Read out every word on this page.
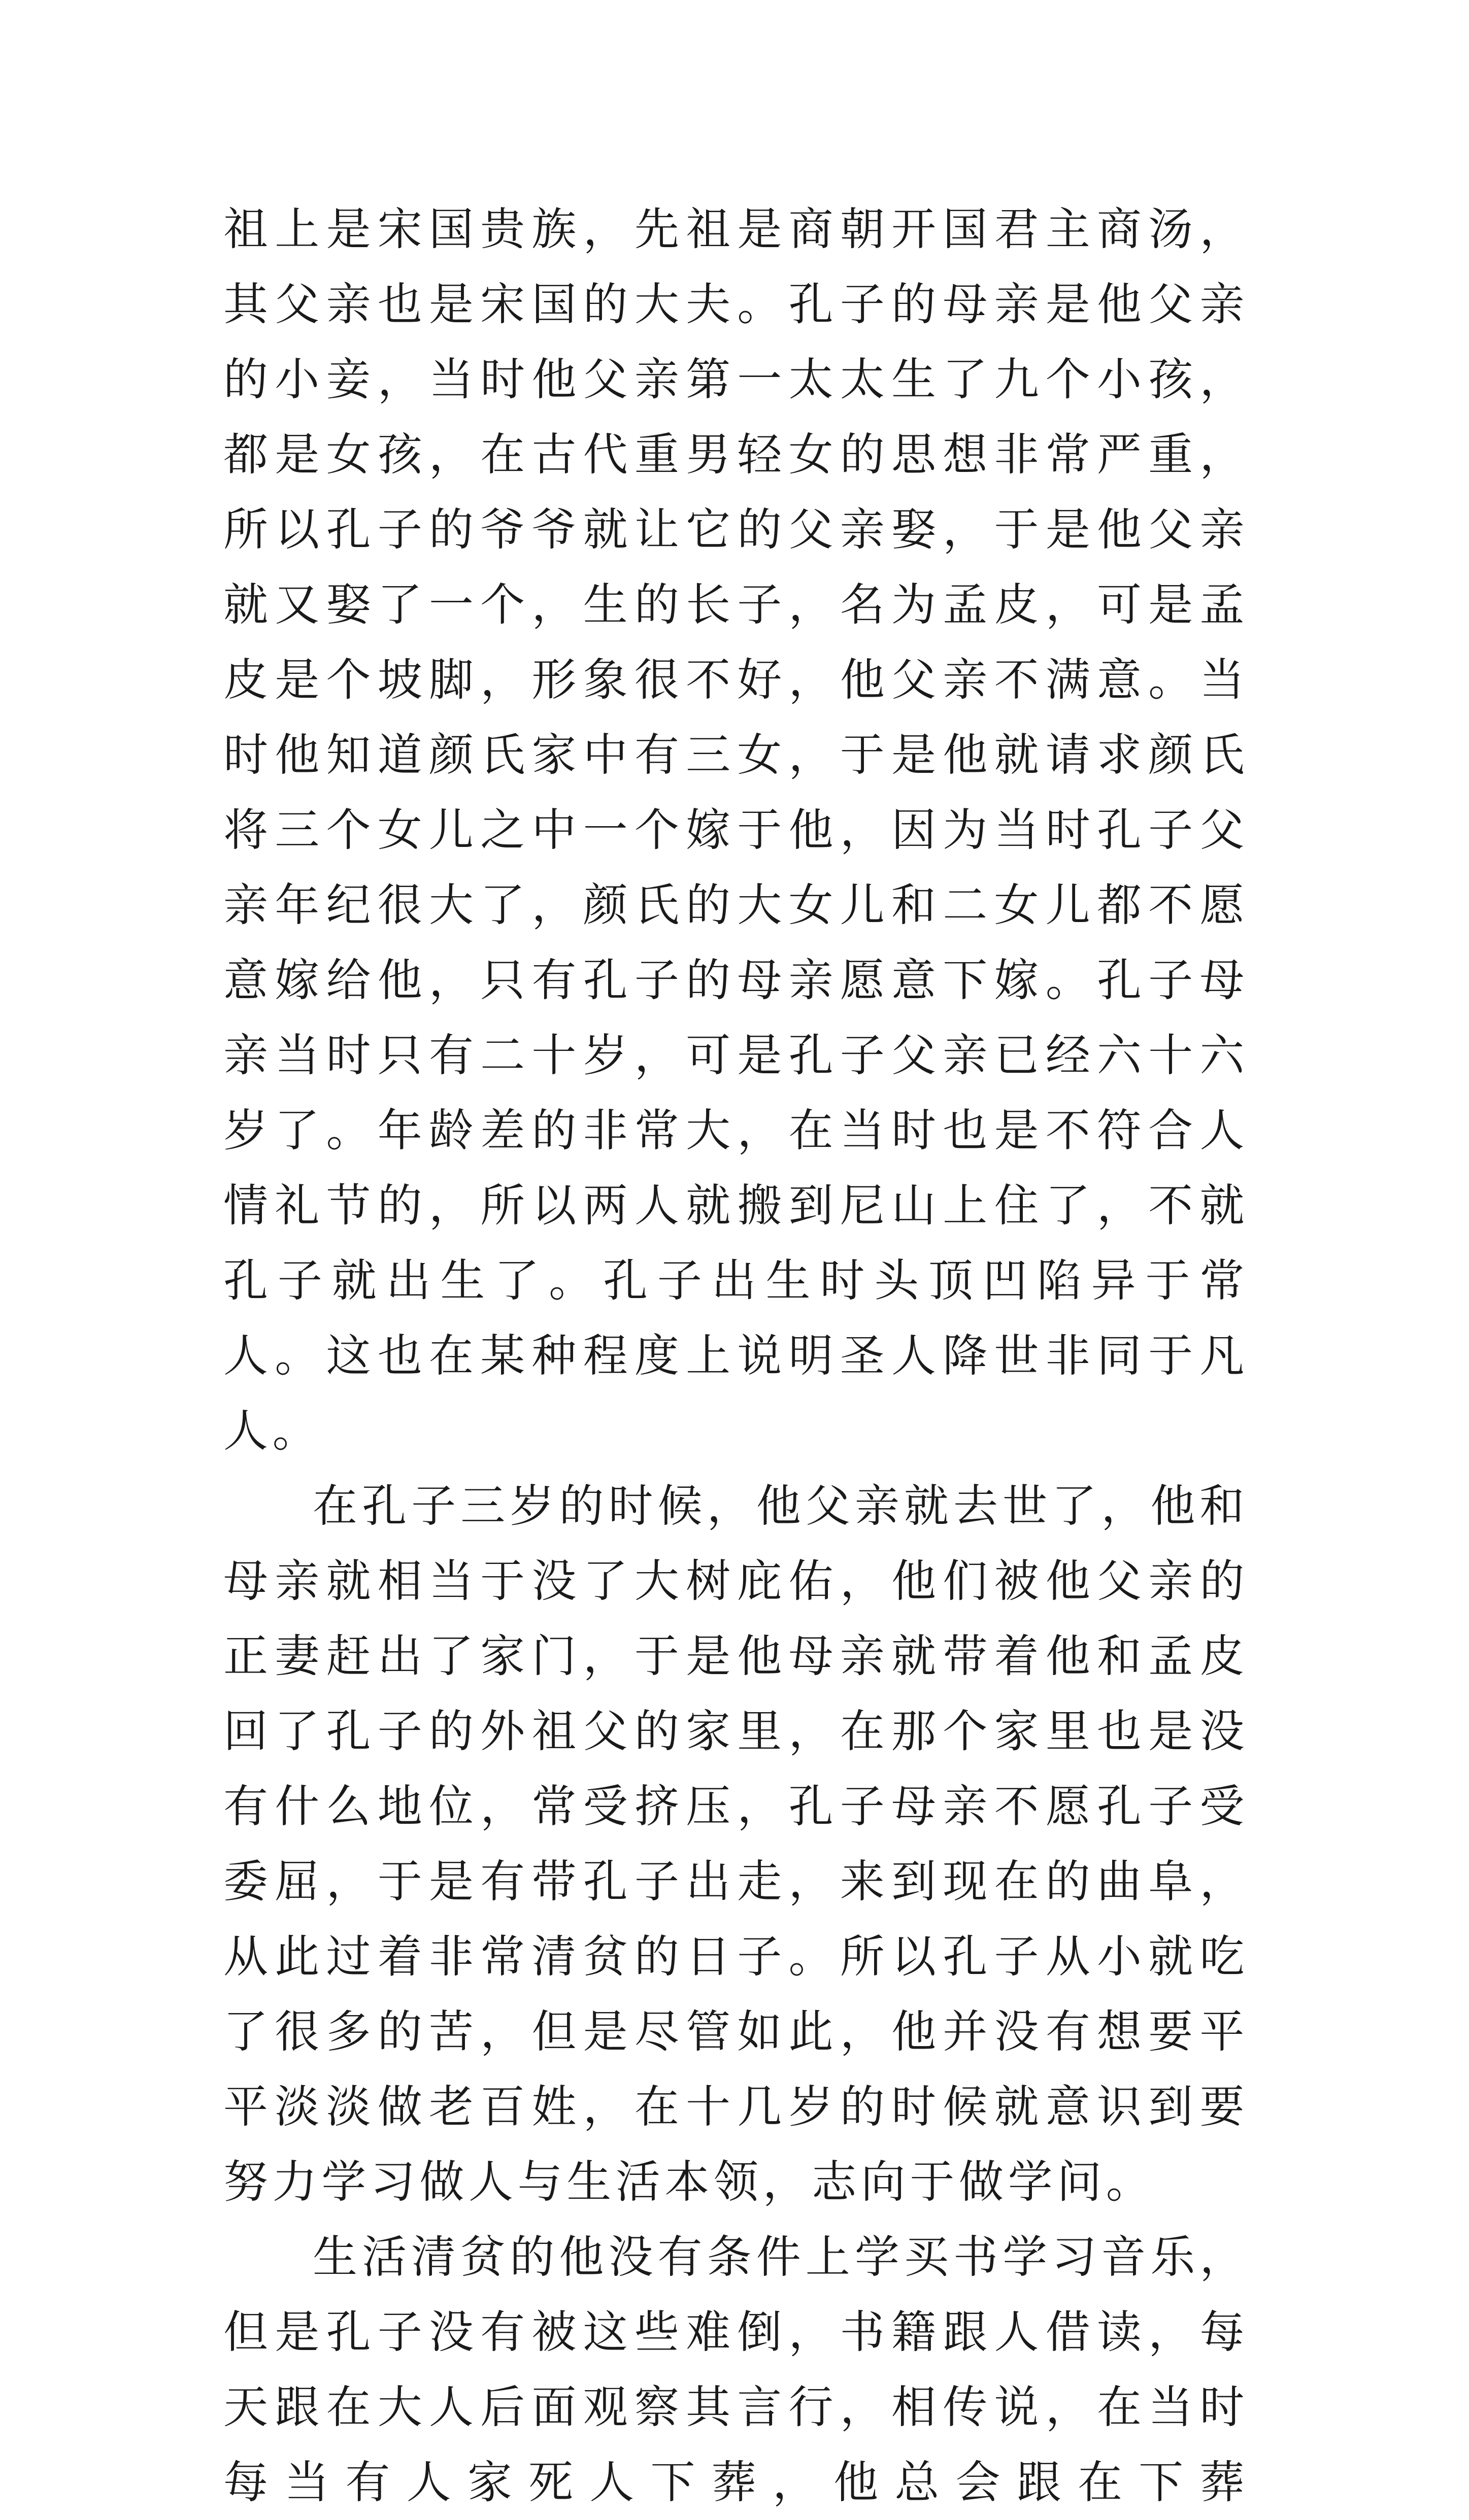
祖上是宋国贵族，先祖是商朝开国君主商汤，其父亲也是宋国的大夫。孔子的母亲是他父亲的小妾，当时他父亲第一太太生了九个小孩，都是女孩，在古代重男轻女的思想非常严重，所以孔子的爷爷就让它的父亲娶，于是他父亲就又娶了一个，生的长子，名为孟皮，可是孟皮是个坡脚，形象很不好，他父亲不满意。当时他知道颜氏家中有三女，于是他就请求颜氏将三个女儿之中一个嫁于他，因为当时孔子父亲年纪很大了，颜氏的大女儿和二女儿都不愿意嫁给他，只有孔子的母亲愿意下嫁。孔子母亲当时只有二十岁，可是孔子父亲已经六十六岁了。年龄差的非常大，在当时也是不符合人情礼节的，所以两人就搬到尼山上住了，不就孔子就出生了。孔子出生时头顶凹陷异于常人。这也在某种程度上说明圣人降世非同于凡人。

在孔子三岁的时候，他父亲就去世了，他和母亲就相当于没了大树庇佑，他们被他父亲的正妻赶出了家门，于是他母亲就带着他和孟皮回了孔子的外祖父的家里，在那个家里也是没有什么地位，常受挤压，孔子母亲不愿孔子受委屈，于是有带孔子出走，来到现在的曲阜，从此过着非常清贫的日子。所以孔子从小就吃了很多的苦，但是尽管如此，他并没有想要平平淡淡做老百姓，在十几岁的时候就意识到要努力学习做人与生活本领，志向于做学问。

生活清贫的他没有条件上学买书学习音乐，但是孔子没有被这些难倒，书籍跟人借读，每天跟在大人后面观察其言行，相传说，在当时每当有人家死人下葬，他总会跟在下葬
